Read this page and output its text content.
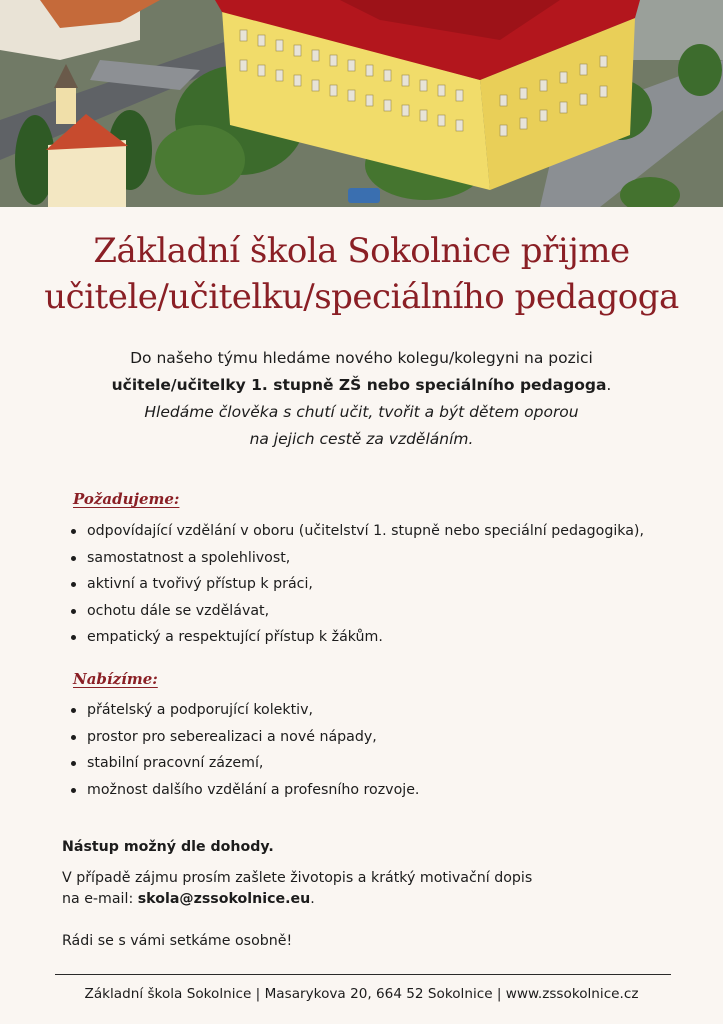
Základní škola Sokolnice přijme
učitele/učitelku/speciálního pedagoga

Do našeho týmu hledáme nového kolegu/kolegyni na pozici

učitele/učitelky 1. stupně ZŠ nebo speciálního pedagoga.

Hledáme člověka s chutí učit, tvořit a být dětem oporou

na jejich cestě za vzděláním.

Požadujeme:
odpovídající vzdělání v oboru (učitelství 1. stupně nebo speciální pedagogika),
samostatnost a spolehlivost,
aktivní a tvořivý přístup k práci,
ochotu dále se vzdělávat,
empatický a respektující přístup k žákům.
Nabízíme:
přátelský a podporující kolektiv,
prostor pro seberealizaci a nové nápady,
stabilní pracovní zázemí,
možnost dalšího vzdělání a profesního rozvoje.

Nástup možný dle dohody.

V případě zájmu prosím zašlete životopis a krátký motivační dopis

na e-mail: skola@zssokolnice.eu.

Rádi se s vámi setkáme osobně!

Základní škola Sokolnice | Masarykova 20, 664 52 Sokolnice | www.zssokolnice.cz
